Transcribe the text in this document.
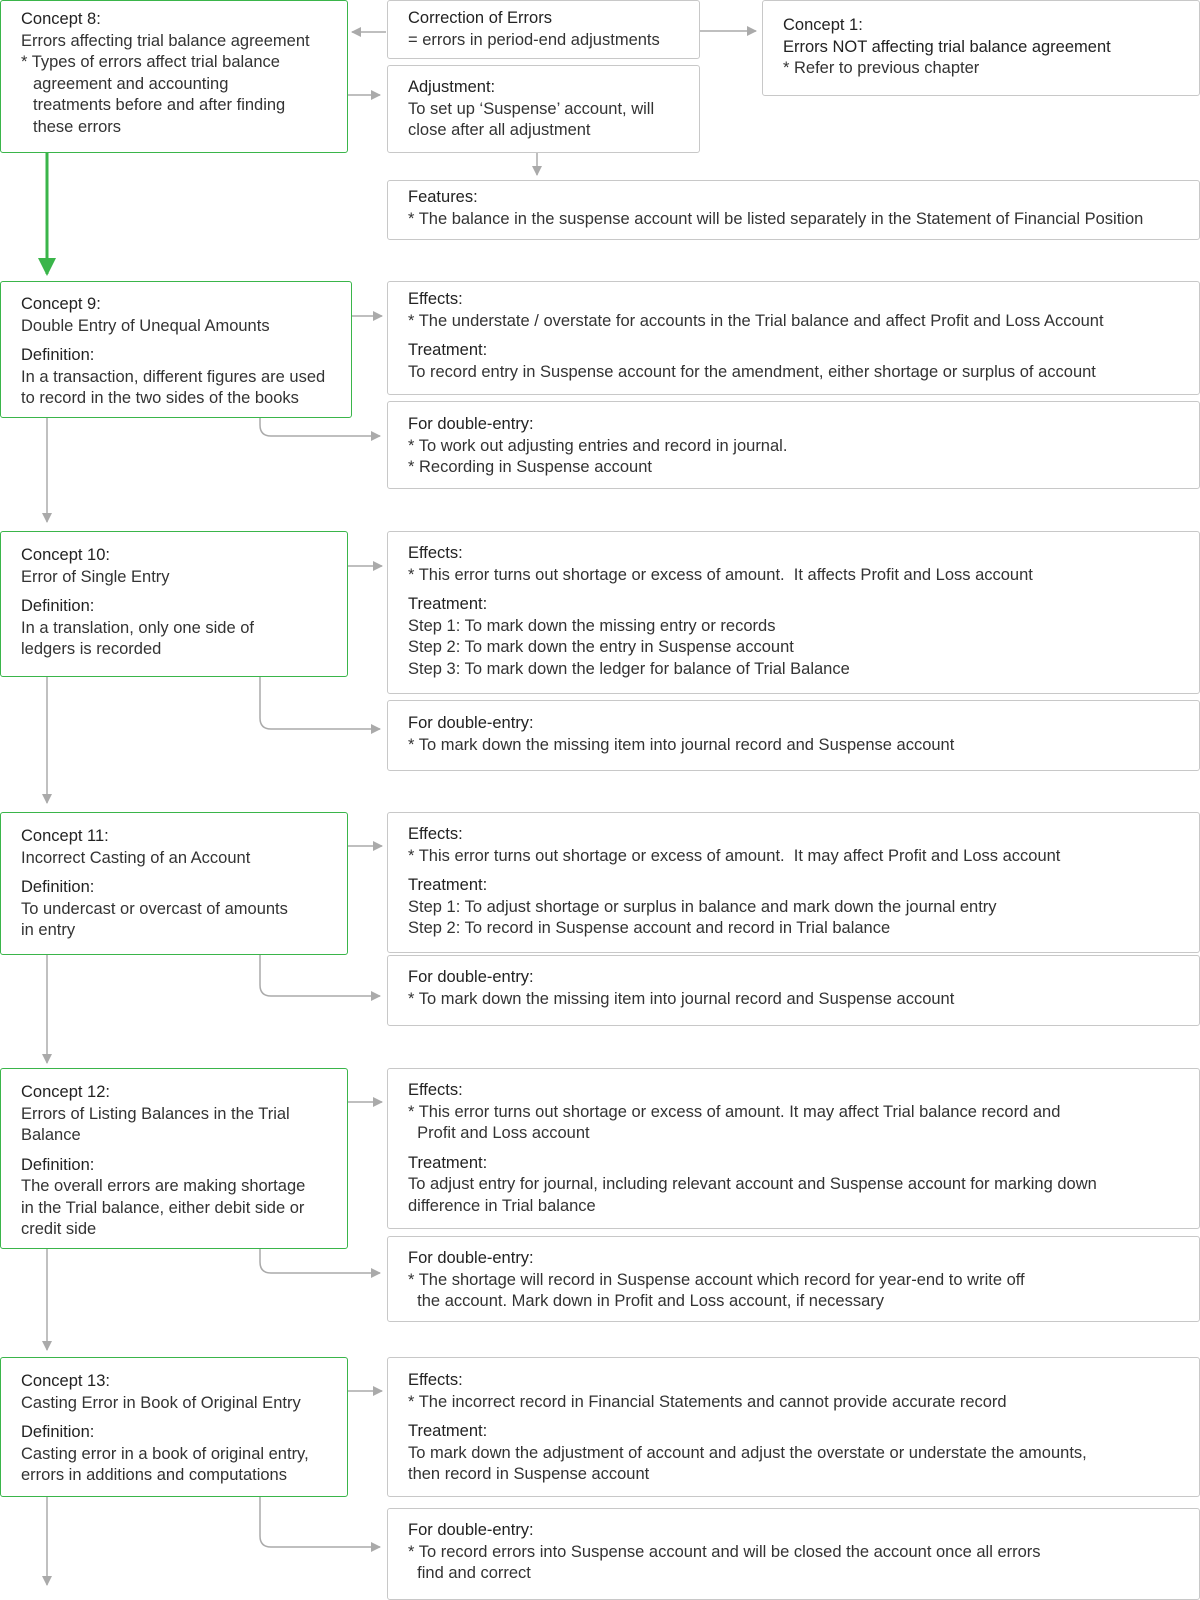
Concept 8:
Errors affecting trial balance agreement
* Types of errors affect trial balance
agreement and accounting
treatments before and after finding
these errors
Correction of Errors
= errors in period-end adjustments
Concept 1:
Errors NOT affecting trial balance agreement
* Refer to previous chapter
Adjustment:
To set up ‘Suspense’ account, will
close after all adjustment
Features:
* The balance in the suspense account will be listed separately in the Statement of Financial Position
Concept 9:
Double Entry of Unequal Amounts
Definition:
In a transaction, different figures are used
to record in the two sides of the books
Effects:
* The understate / overstate for accounts in the Trial balance and affect Profit and Loss Account
Treatment:
To record entry in Suspense account for the amendment, either shortage or surplus of account
For double-entry:
* To work out adjusting entries and record in journal.
* Recording in Suspense account
Concept 10:
Error of Single Entry
Definition:
In a translation, only one side of
ledgers is recorded
Effects:
* This error turns out shortage or excess of amount.  It affects Profit and Loss account
Treatment:
Step 1: To mark down the missing entry or records
Step 2: To mark down the entry in Suspense account
Step 3: To mark down the ledger for balance of Trial Balance
For double-entry:
* To mark down the missing item into journal record and Suspense account
Concept 11:
Incorrect Casting of an Account
Definition:
To undercast or overcast of amounts
in entry
Effects:
* This error turns out shortage or excess of amount.  It may affect Profit and Loss account
Treatment:
Step 1: To adjust shortage or surplus in balance and mark down the journal entry
Step 2: To record in Suspense account and record in Trial balance
For double-entry:
* To mark down the missing item into journal record and Suspense account
Concept 12:
Errors of Listing Balances in the Trial
Balance
Definition:
The overall errors are making shortage
in the Trial balance, either debit side or
credit side
Effects:
* This error turns out shortage or excess of amount. It may affect Trial balance record and
Profit and Loss account
Treatment:
To adjust entry for journal, including relevant account and Suspense account for marking down
difference in Trial balance
For double-entry:
* The shortage will record in Suspense account which record for year-end to write off
the account. Mark down in Profit and Loss account, if necessary
Concept 13:
Casting Error in Book of Original Entry
Definition:
Casting error in a book of original entry,
errors in additions and computations
Effects:
* The incorrect record in Financial Statements and cannot provide accurate record
Treatment:
To mark down the adjustment of account and adjust the overstate or understate the amounts,
then record in Suspense account
For double-entry:
* To record errors into Suspense account and will be closed the account once all errors
find and correct
